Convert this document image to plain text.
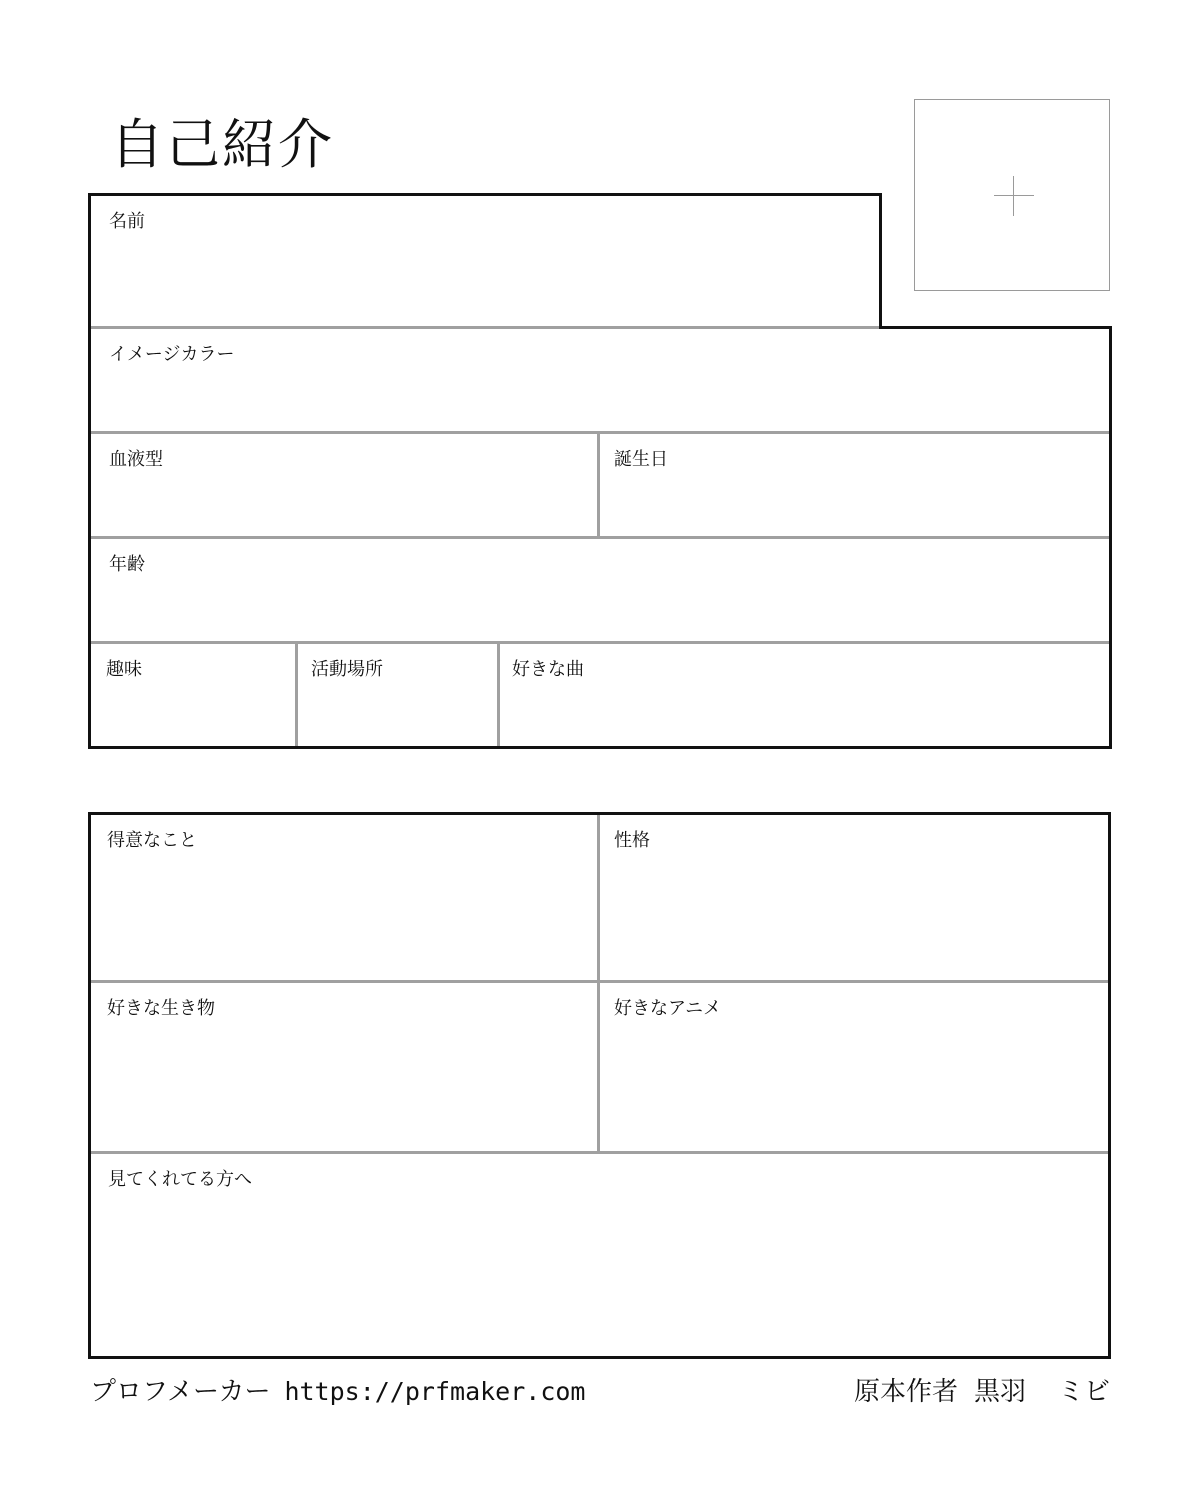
自己紹介
名前
イメージカラー
血液型	誕生日
年齢
趣味	活動場所	好きな曲
得意なこと	性格
好きな生き物	好きなアニメ
見てくれてる方へ
プロフメーカー https://prfmaker.com	原本作者 黒羽 ミビ
